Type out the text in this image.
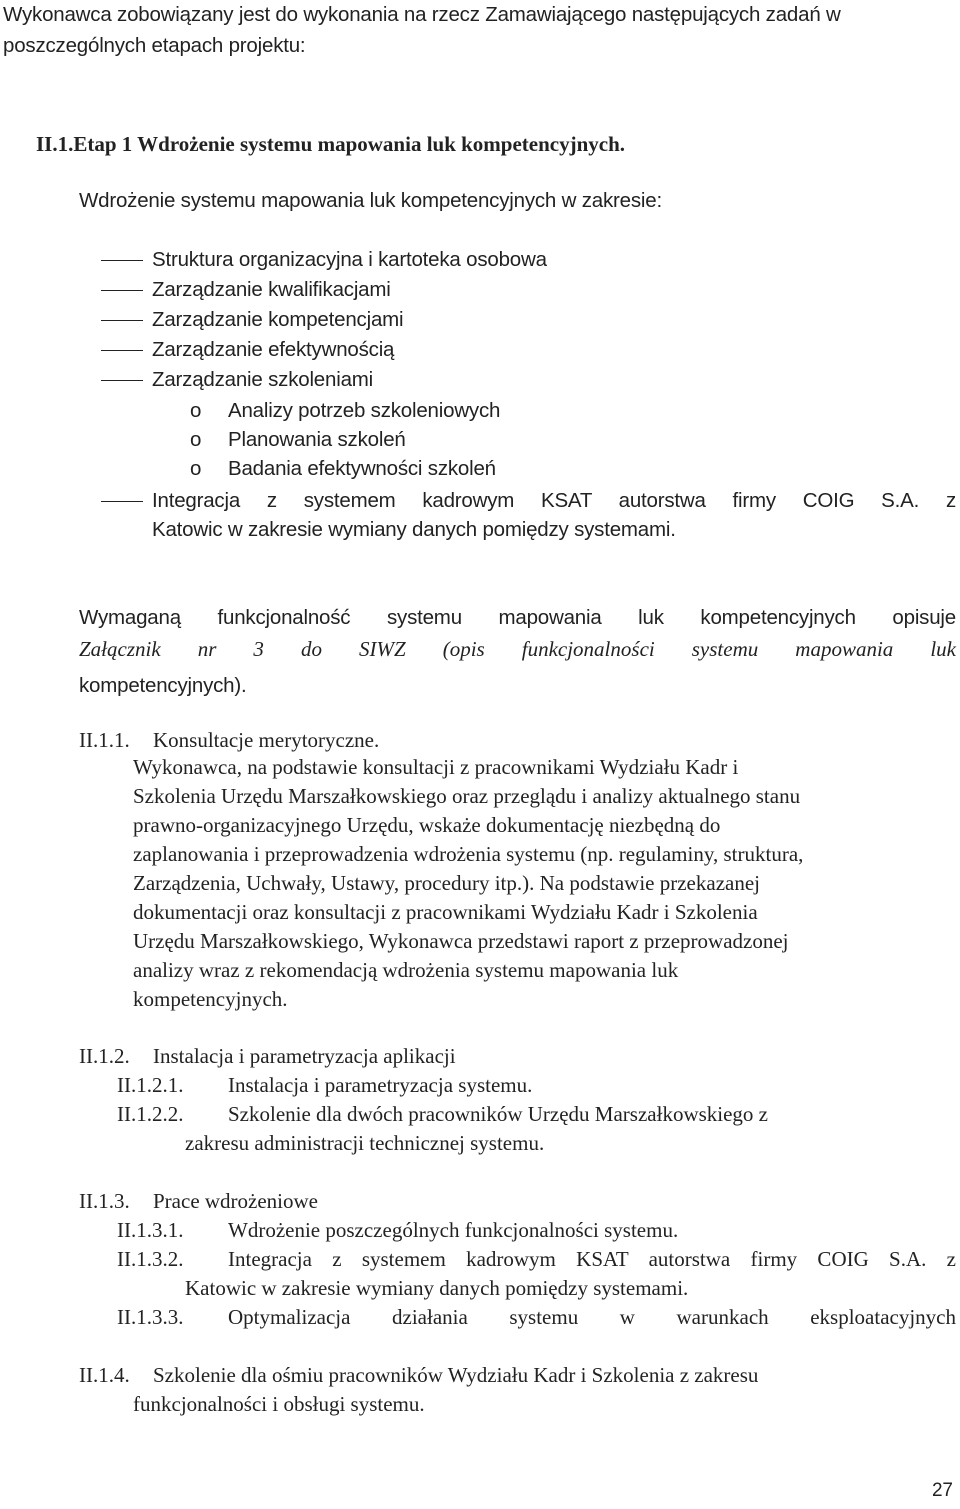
Wykonawca zobowiązany jest do wykonania na rzecz Zamawiającego następujących zadań w
poszczególnych etapach projektu:
II.1.Etap 1 Wdrożenie systemu mapowania luk kompetencyjnych.
Wdrożenie systemu mapowania luk kompetencyjnych w zakresie:
Struktura organizacyjna i kartoteka osobowa
Zarządzanie kwalifikacjami
Zarządzanie kompetencjami
Zarządzanie efektywnością
Zarządzanie szkoleniami
o Analizy potrzeb szkoleniowych
o Planowania szkoleń
o Badania efektywności szkoleń
Integracja z systemem kadrowym KSAT autorstwa firmy COIG S.A. z
Katowic w zakresie wymiany danych pomiędzy systemami.
Wymaganą funkcjonalność systemu mapowania luk kompetencyjnych opisuje
Załącznik nr 3 do SIWZ (opis funkcjonalności systemu mapowania luk
kompetencyjnych).
II.1.1. Konsultacje merytoryczne.
Wykonawca, na podstawie konsultacji z pracownikami Wydziału Kadr i
Szkolenia Urzędu Marszałkowskiego oraz przeglądu i analizy aktualnego stanu
prawno-organizacyjnego Urzędu, wskaże dokumentację niezbędną do
zaplanowania i przeprowadzenia wdrożenia systemu (np. regulaminy, struktura,
Zarządzenia, Uchwały, Ustawy, procedury itp.). Na podstawie przekazanej
dokumentacji oraz konsultacji z pracownikami Wydziału Kadr i Szkolenia
Urzędu Marszałkowskiego, Wykonawca przedstawi raport z przeprowadzonej
analizy wraz z rekomendacją wdrożenia systemu mapowania luk
kompetencyjnych.
II.1.2. Instalacja i parametryzacja aplikacji
II.1.2.1. Instalacja i parametryzacja systemu.
II.1.2.2. Szkolenie dla dwóch pracowników Urzędu Marszałkowskiego z
zakresu administracji technicznej systemu.
II.1.3. Prace wdrożeniowe
II.1.3.1. Wdrożenie poszczególnych funkcjonalności systemu.
II.1.3.2. Integracja z systemem kadrowym KSAT autorstwa firmy COIG S.A. z
Katowic w zakresie wymiany danych pomiędzy systemami.
II.1.3.3. Optymalizacja działania systemu w warunkach eksploatacyjnych
II.1.4. Szkolenie dla ośmiu pracowników Wydziału Kadr i Szkolenia z zakresu
funkcjonalności i obsługi systemu.
27
